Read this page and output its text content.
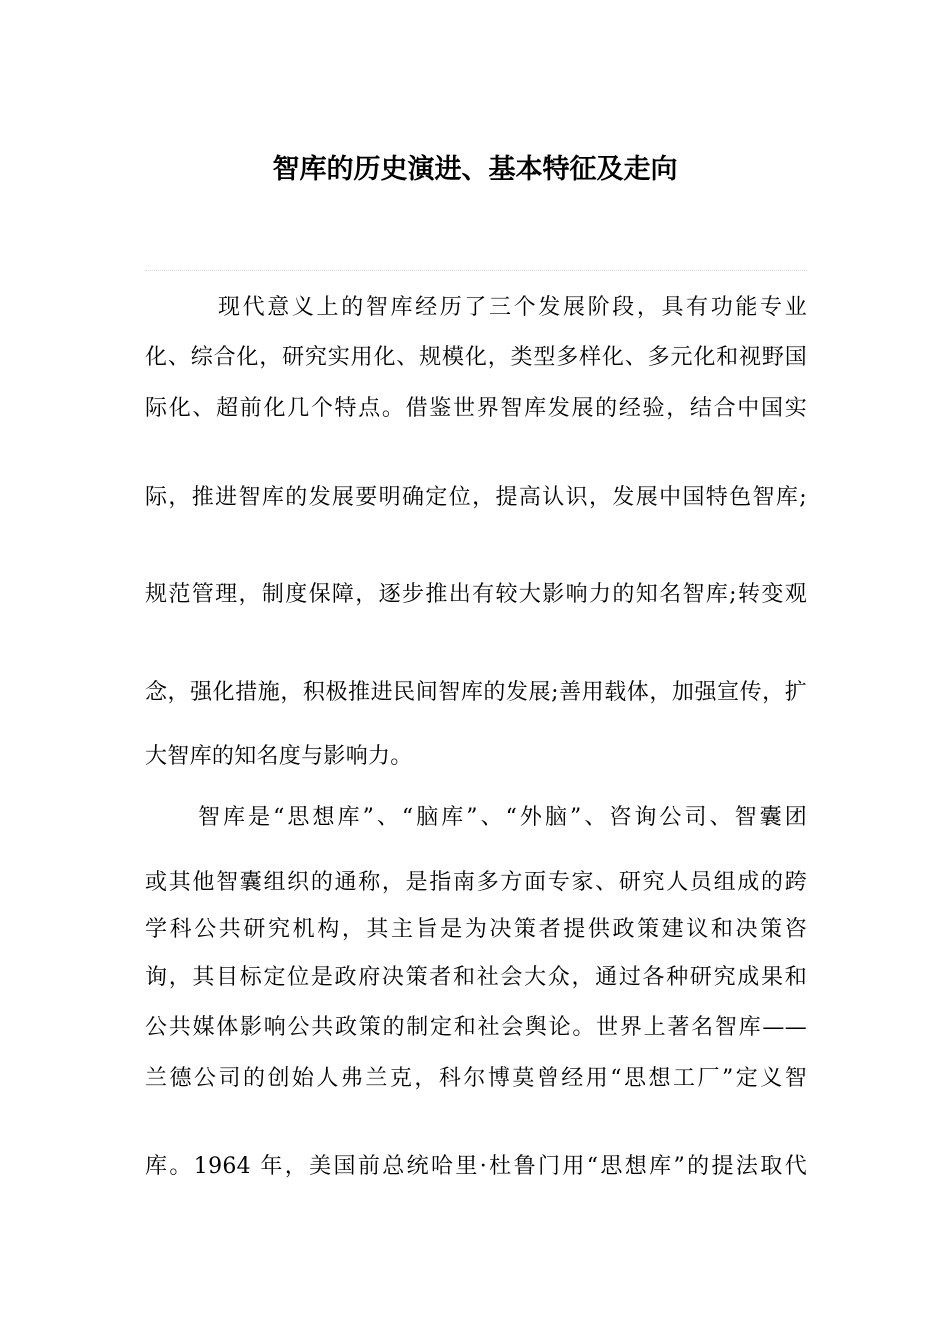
智库的历史演进、基本特征及走向

现代意义上的智库经历了三个发展阶段，具有功能专业

化、综合化，研究实用化、规模化，类型多样化、多元化和视野国

际化、超前化几个特点。借鉴世界智库发展的经验，结合中国实

际，推进智库的发展要明确定位，提高认识，发展中国特色智库;

规范管理，制度保障，逐步推出有较大影响力的知名智库;转变观

念，强化措施，积极推进民间智库的发展;善用载体，加强宣传，扩

大智库的知名度与影响力。

智库是“思想库”、“脑库”、“外脑”、咨询公司、智囊团

或其他智囊组织的通称，是指南多方面专家、研究人员组成的跨

学科公共研究机构，其主旨是为决策者提供政策建议和决策咨

询，其目标定位是政府决策者和社会大众，通过各种研究成果和

公共媒体影响公共政策的制定和社会舆论。世界上著名智库——

兰德公司的创始人弗兰克，科尔博莫曾经用“思想工厂”定义智

库。1964 年，美国前总统哈里·杜鲁门用“思想库”的提法取代
